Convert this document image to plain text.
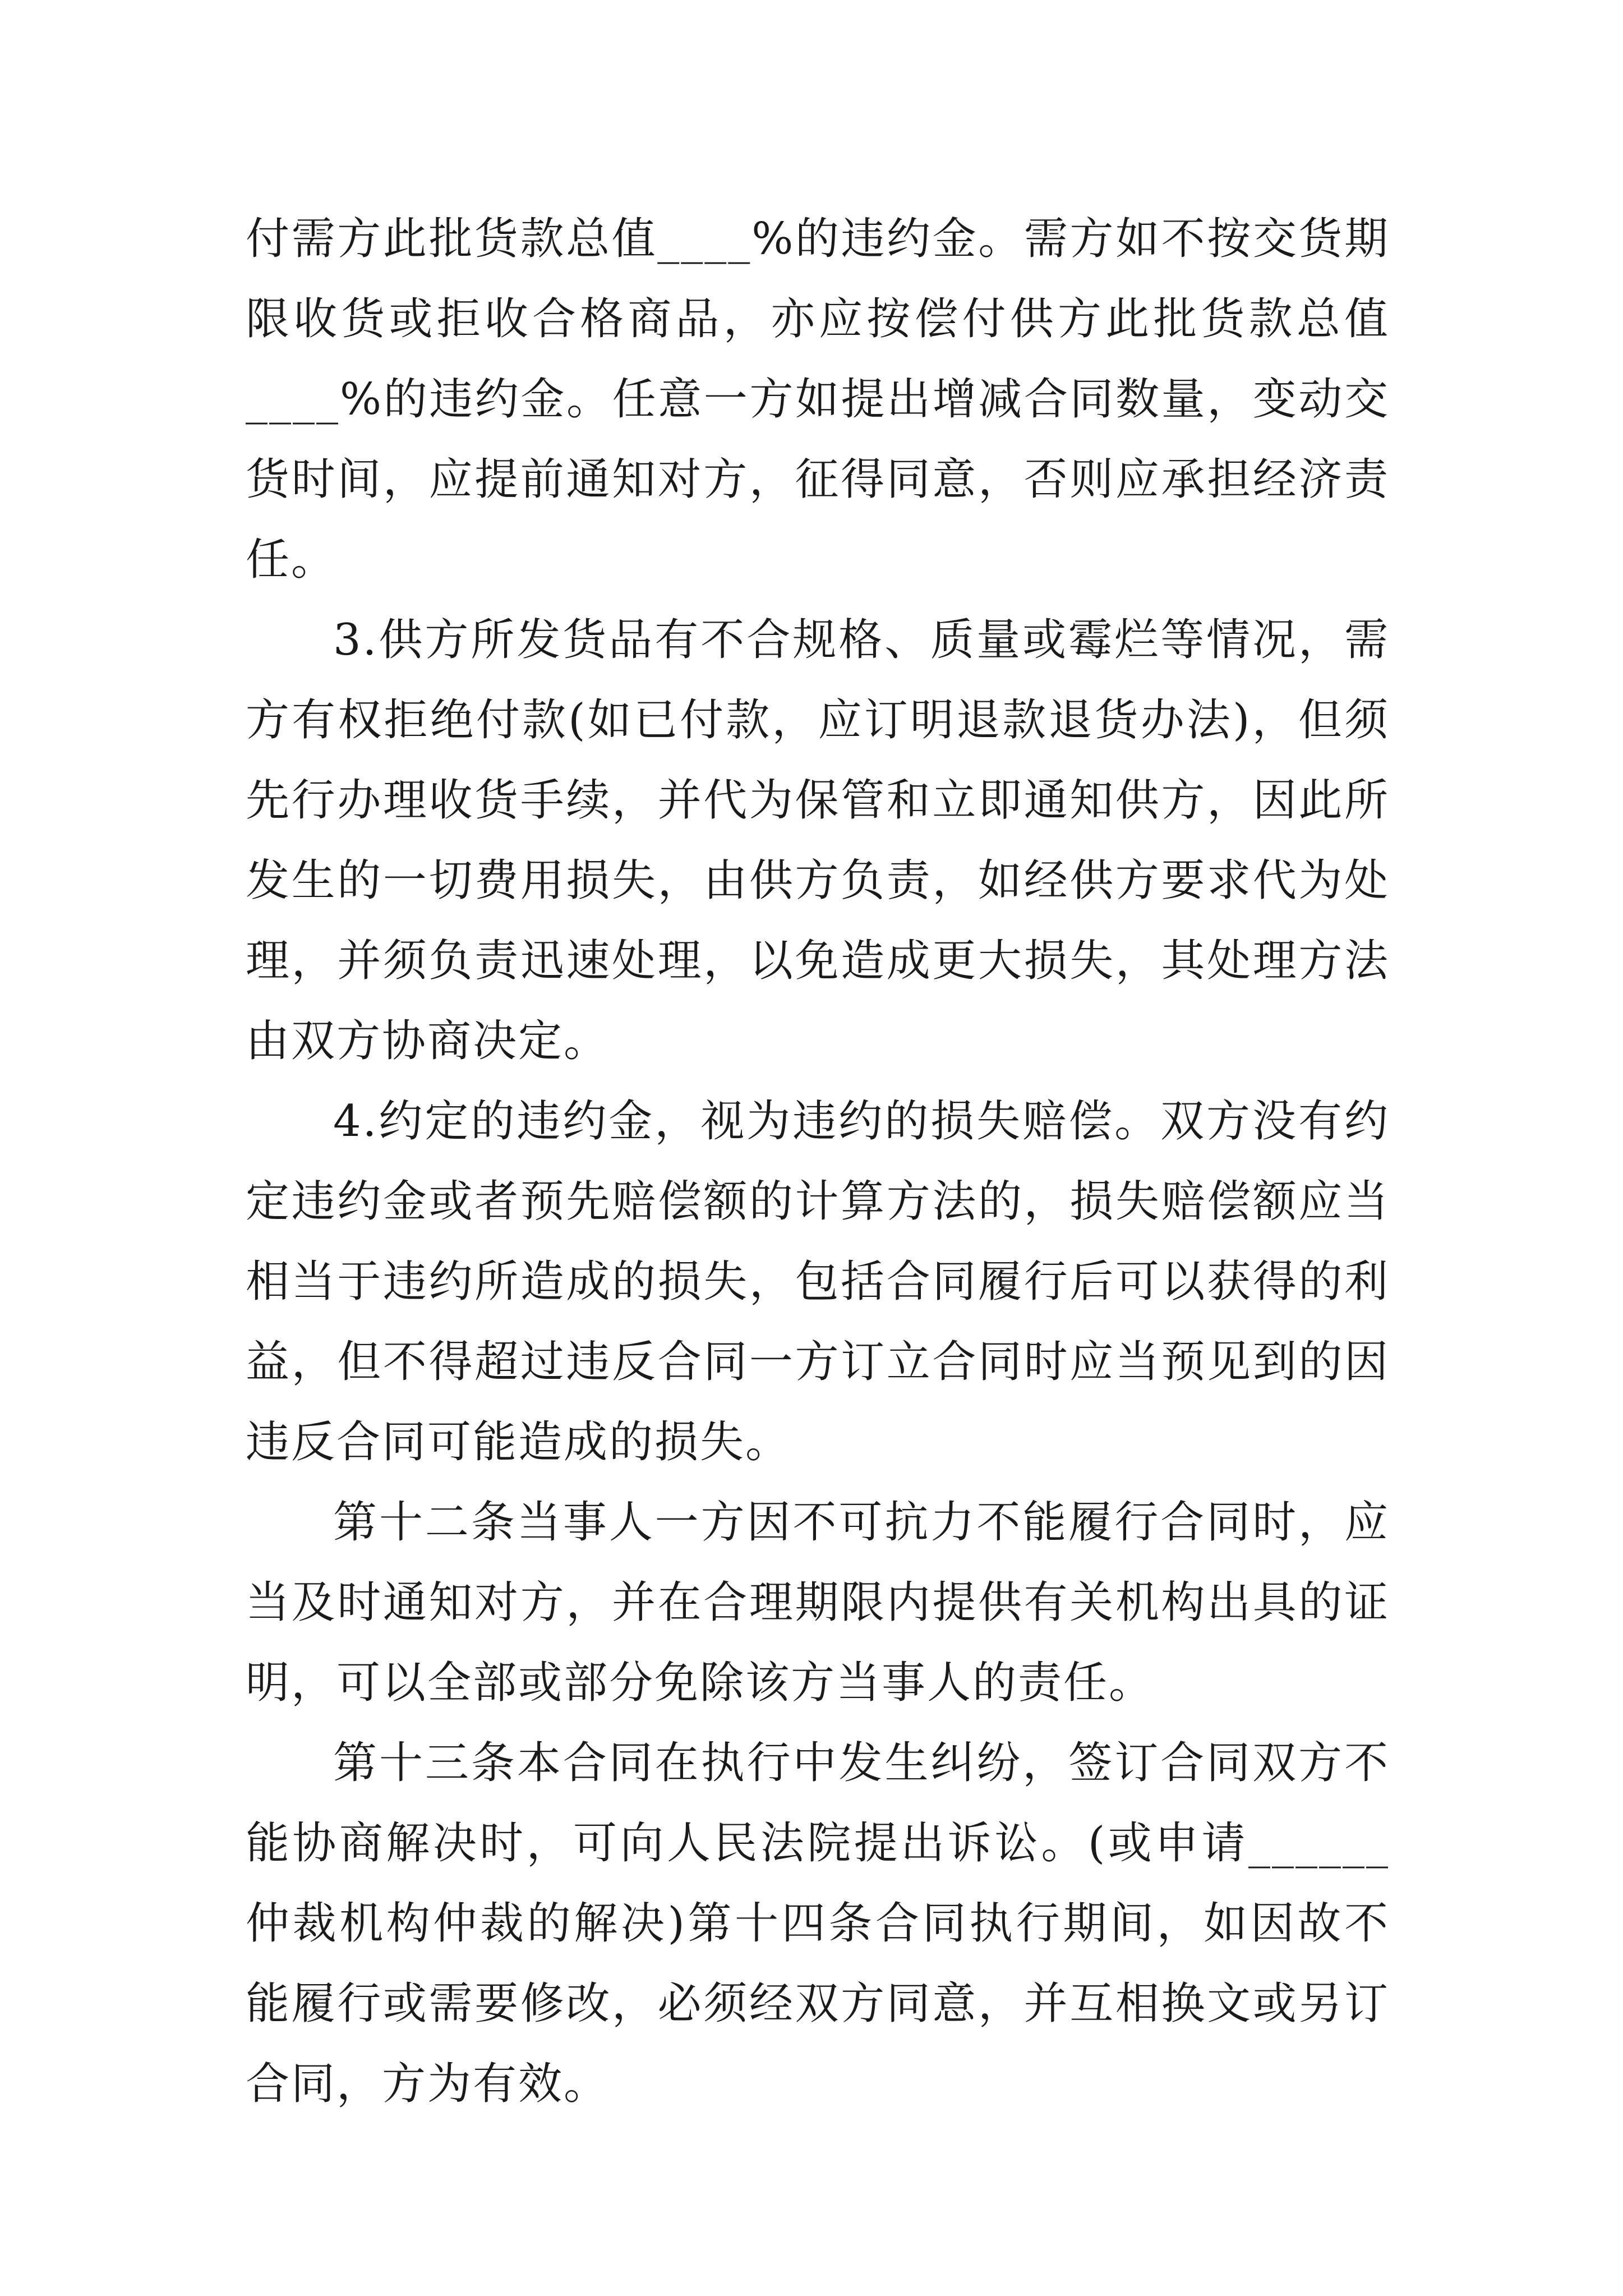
付需方此批货款总值____%的违约金。需方如不按交货期限收货或拒收合格商品，亦应按偿付供方此批货款总值____%的违约金。任意一方如提出增减合同数量，变动交货时间，应提前通知对方，征得同意，否则应承担经济责任。

3.供方所发货品有不合规格、质量或霉烂等情况，需方有权拒绝付款(如已付款，应订明退款退货办法)，但须先行办理收货手续，并代为保管和立即通知供方，因此所发生的一切费用损失，由供方负责，如经供方要求代为处理，并须负责迅速处理，以免造成更大损失，其处理方法由双方协商决定。

4.约定的违约金，视为违约的损失赔偿。双方没有约定违约金或者预先赔偿额的计算方法的，损失赔偿额应当相当于违约所造成的损失，包括合同履行后可以获得的利益，但不得超过违反合同一方订立合同时应当预见到的因违反合同可能造成的损失。

第十二条当事人一方因不可抗力不能履行合同时，应当及时通知对方，并在合理期限内提供有关机构出具的证明，可以全部或部分免除该方当事人的责任。

第十三条本合同在执行中发生纠纷，签订合同双方不能协商解决时，可向人民法院提出诉讼。(或申请______仲裁机构仲裁的解决)第十四条合同执行期间，如因故不能履行或需要修改，必须经双方同意，并互相换文或另订合同，方为有效。
